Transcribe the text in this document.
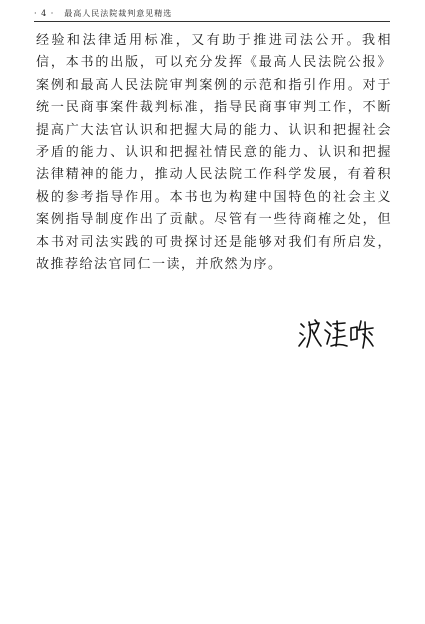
· 4 · 最高人民法院裁判意见精选

经验和法律适用标准，又有助于推进司法公开。我相信，本书的出版，可以充分发挥《最高人民法院公报》案例和最高人民法院审判案例的示范和指引作用。对于统一民商事案件裁判标准，指导民商事审判工作，不断提高广大法官认识和把握大局的能力、认识和把握社会矛盾的能力、认识和把握社情民意的能力、认识和把握法律精神的能力，推动人民法院工作科学发展，有着积极的参考指导作用。本书也为构建中国特色的社会主义案例指导制度作出了贡献。尽管有一些待商榷之处，但本书对司法实践的可贵探讨还是能够对我们有所启发，故推荐给法官同仁一读，并欣然为序。
